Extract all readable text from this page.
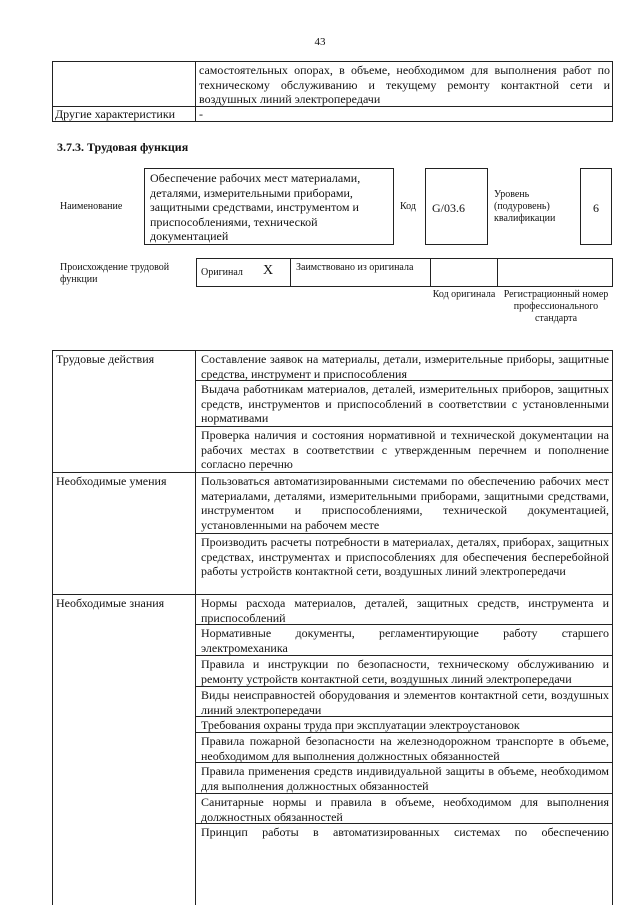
43
самостоятельных опорах, в объеме, необходимом для выполнения работ по техническому обслуживанию и текущему ремонту контактной сети и воздушных линий электропередачи
Другие характеристики	-
3.7.3. Трудовая функция
Наименование
Обеспечение рабочих мест материалами, деталями, измерительными приборами, защитными средствами, инструментом и приспособлениями, технической документацией
Код	G/03.6
Уровень (подуровень) квалификации
6
Происхождение трудовой функции
Оригинал X Заимствовано из оригинала
Код оригинала Регистрационный номер профессионального стандарта
Трудовые действия
Необходимые умения
Необходимые знания
Составление заявок на материалы, детали, измерительные приборы, защитные средства, инструмент и приспособления
Выдача работникам материалов, деталей, измерительных приборов, защитных средств, инструментов и приспособлений в соответствии с установленными нормативами
Проверка наличия и состояния нормативной и технической документации на рабочих местах в соответствии с утвержденным перечнем и пополнение согласно перечню
Пользоваться автоматизированными системами по обеспечению рабочих мест материалами, деталями, измерительными приборами, защитными средствами, инструментом и приспособлениями, технической документацией, установленными на рабочем месте
Производить расчеты потребности в материалах, деталях, приборах, защитных средствах, инструментах и приспособлениях для обеспечения бесперебойной работы устройств контактной сети, воздушных линий электропередачи
Нормы расхода материалов, деталей, защитных средств, инструмента и приспособлений
Нормативные документы, регламентирующие работу старшего электромеханика
Правила и инструкции по безопасности, техническому обслуживанию и ремонту устройств контактной сети, воздушных линий электропередачи
Виды неисправностей оборудования и элементов контактной сети, воздушных линий электропередачи
Требования охраны труда при эксплуатации электроустановок
Правила пожарной безопасности на железнодорожном транспорте в объеме, необходимом для выполнения должностных обязанностей
Правила применения средств индивидуальной защиты в объеме, необходимом для выполнения должностных обязанностей
Санитарные нормы и правила в объеме, необходимом для выполнения должностных обязанностей
Принцип работы в автоматизированных системах по обеспечению
